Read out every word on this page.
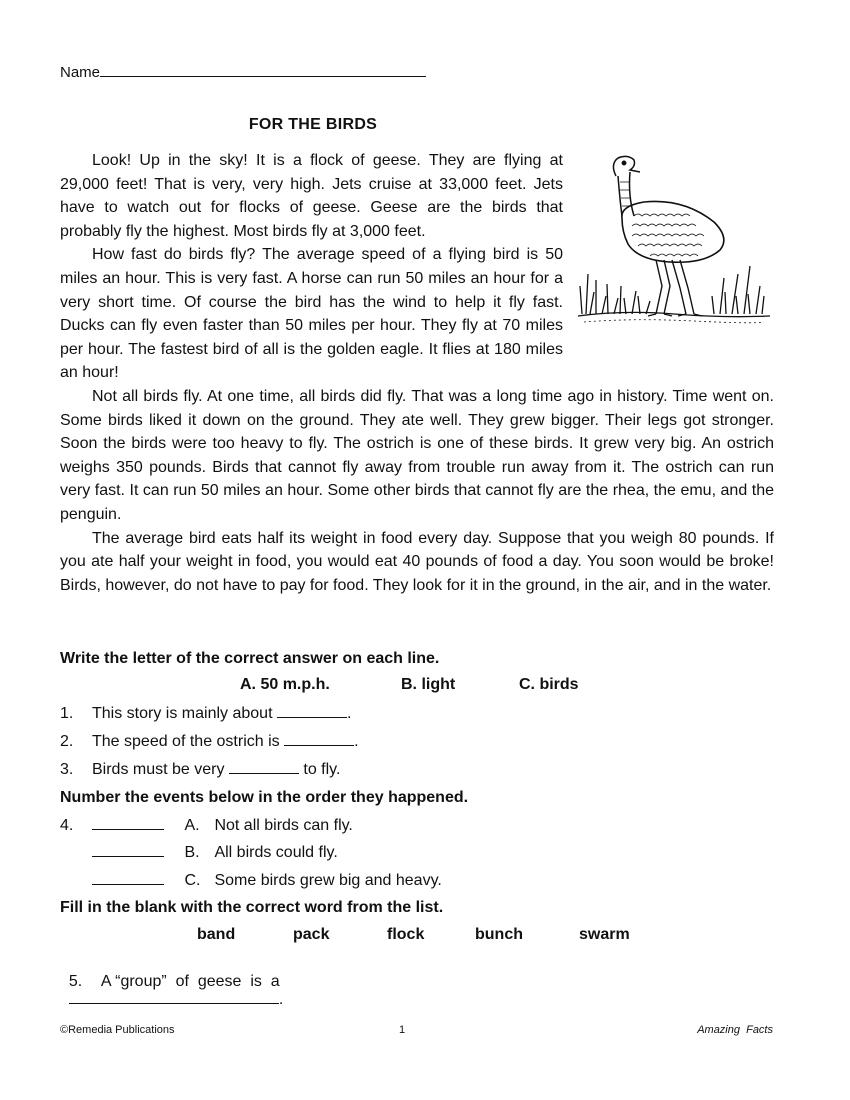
Name
FOR THE BIRDS

Look! Up in the sky! It is a flock of geese. They are flying at 29,000 feet! That is very, very high. Jets cruise at 33,000 feet. Jets have to watch out for flocks of geese. Geese are the birds that probably fly the highest. Most birds fly at 3,000 feet.

How fast do birds fly? The average speed of a flying bird is 50 miles an hour. This is very fast. A horse can run 50 miles an hour for a very short time. Of course the bird has the wind to help it fly fast. Ducks can fly even faster than 50 miles per hour. They fly at 70 miles per hour. The fastest bird of all is the golden eagle. It flies at 180 miles an hour!

Not all birds fly. At one time, all birds did fly. That was a long time ago in history. Time went on. Some birds liked it down on the ground. They ate well. They grew bigger. Their legs got stronger. Soon the birds were too heavy to fly. The ostrich is one of these birds. It grew very big. An ostrich weighs 350 pounds. Birds that cannot fly away from trouble run away from it. The ostrich can run very fast. It can run 50 miles an hour. Some other birds that cannot fly are the rhea, the emu, and the penguin.

The average bird eats half its weight in food every day. Suppose that you weigh 80 pounds. If you ate half your weight in food, you would eat 40 pounds of food a day. You soon would be broke! Birds, however, do not have to pay for food. They look for it in the ground, in the air, and in the water.

Write the letter of the correct answer on each line.
A. 50 m.p.h.	B. light	C. birds
1. This story is mainly about	.
2. The speed of the ostrich is	.
3. Birds must be very	to fly.
Number the events below in the order they happened.
4.	A. Not all birds can fly.
B. All birds could fly.
C. Some birds grew big and heavy.
Fill in the blank with the correct word from the list.
band	pack	flock	bunch	swarm

5. A “group”  of  geese  is  a
.

©Remedia Publications	1	Amazing  Facts
